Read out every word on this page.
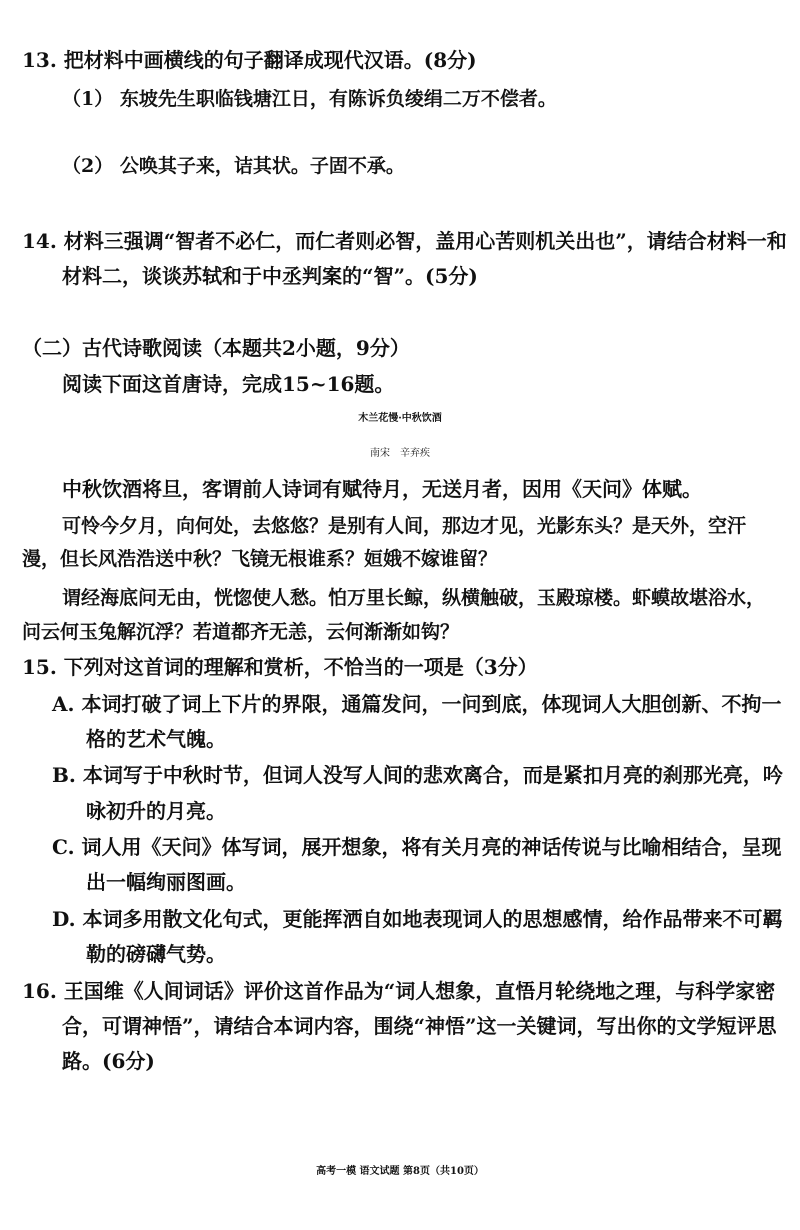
13. 把材料中画横线的句子翻译成现代汉语。(8分)
（1） 东坡先生职临钱塘江日，有陈诉负绫绢二万不偿者。
（2） 公唤其子来，诘其状。子固不承。
14. 材料三强调“智者不必仁，而仁者则必智，盖用心苦则机关出也”，请结合材料一和
材料二，谈谈苏轼和于中丞判案的“智”。(5分)
（二）古代诗歌阅读（本题共2小题，9分）
阅读下面这首唐诗，完成15~16题。
木兰花慢·中秋饮酒
南宋　辛弃疾
中秋饮酒将旦，客谓前人诗词有赋待月，无送月者，因用《天问》体赋。
可怜今夕月，向何处，去悠悠？是别有人间，那边才见，光影东头？是天外，空汗
漫，但长风浩浩送中秋？飞镜无根谁系？姮娥不嫁谁留？
谓经海底问无由，恍惚使人愁。怕万里长鲸，纵横触破，玉殿琼楼。虾蟆故堪浴水，
问云何玉兔解沉浮？若道都齐无恙，云何渐渐如钩？
15. 下列对这首词的理解和赏析，不恰当的一项是（3分）
A. 本词打破了词上下片的界限，通篇发问，一问到底，体现词人大胆创新、不拘一
格的艺术气魄。
B. 本词写于中秋时节，但词人没写人间的悲欢离合，而是紧扣月亮的刹那光亮，吟
咏初升的月亮。
C. 词人用《天问》体写词，展开想象，将有关月亮的神话传说与比喻相结合，呈现
出一幅绚丽图画。
D. 本词多用散文化句式，更能挥洒自如地表现词人的思想感情，给作品带来不可羁
勒的磅礴气势。
16. 王国维《人间词话》评价这首作品为“词人想象，直悟月轮绕地之理，与科学家密
合，可谓神悟”，请结合本词内容，围绕“神悟”这一关键词，写出你的文学短评思
路。(6分)
高考一模 语文试题 第8页（共10页）
